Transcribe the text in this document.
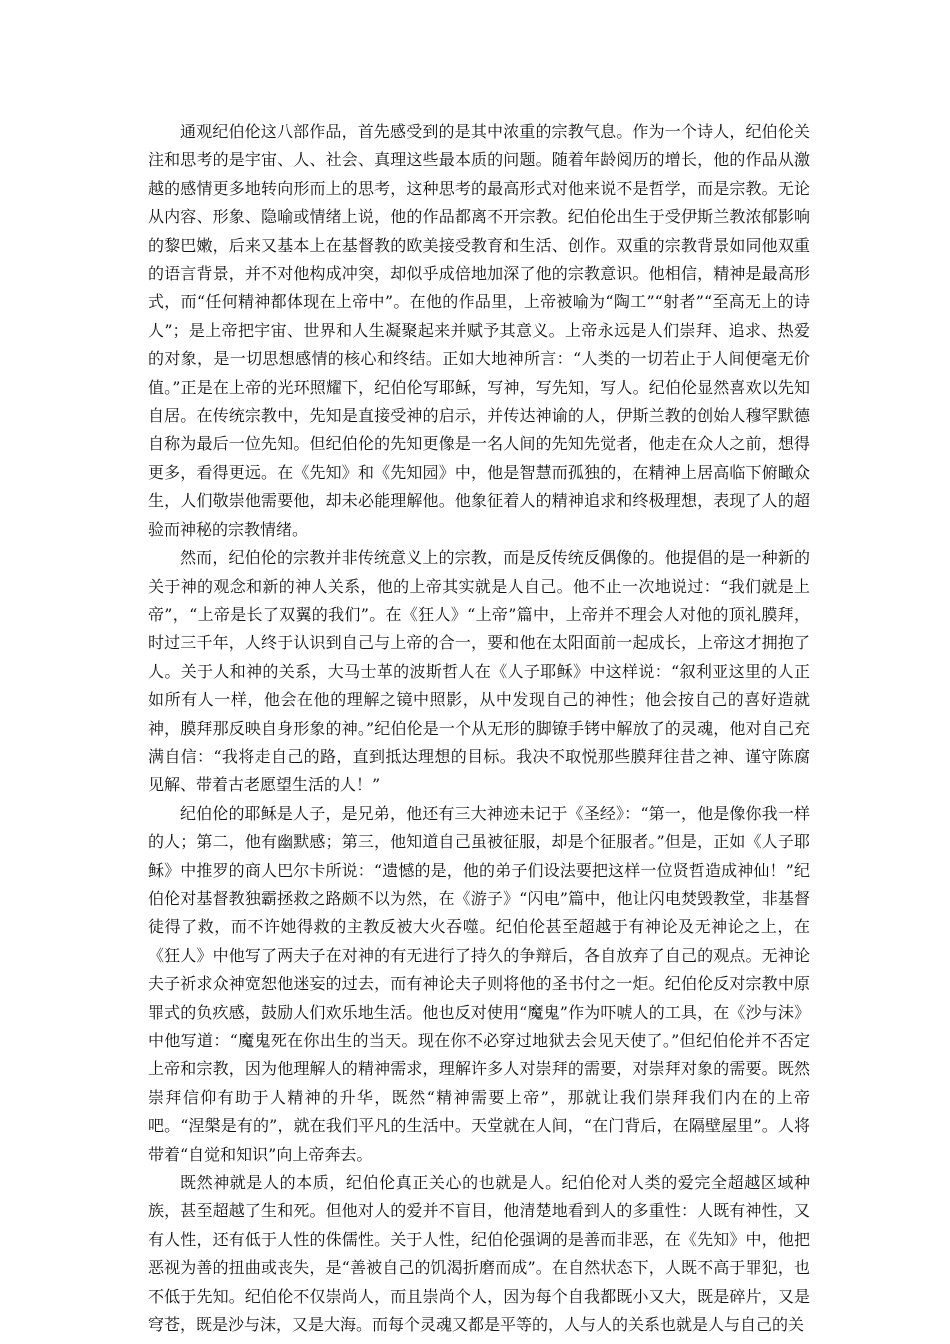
通观纪伯伦这八部作品，首先感受到的是其中浓重的宗教气息。作为一个诗人，纪伯伦关注和思考的是宇宙、人、社会、真理这些最本质的问题。随着年龄阅历的增长，他的作品从激越的感情更多地转向形而上的思考，这种思考的最高形式对他来说不是哲学，而是宗教。无论从内容、形象、隐喻或情绪上说，他的作品都离不开宗教。纪伯伦出生于受伊斯兰教浓郁影响的黎巴嫩，后来又基本上在基督教的欧美接受教育和生活、创作。双重的宗教背景如同他双重的语言背景，并不对他构成冲突，却似乎成倍地加深了他的宗教意识。他相信，精神是最高形式，而“任何精神都体现在上帝中”。在他的作品里，上帝被喻为“陶工”“射者”“至高无上的诗人”；是上帝把宇宙、世界和人生凝聚起来并赋予其意义。上帝永远是人们崇拜、追求、热爱的对象，是一切思想感情的核心和终结。正如大地神所言：“人类的一切若止于人间便毫无价值。”正是在上帝的光环照耀下，纪伯伦写耶稣，写神，写先知，写人。纪伯伦显然喜欢以先知自居。在传统宗教中，先知是直接受神的启示，并传达神谕的人，伊斯兰教的创始人穆罕默德自称为最后一位先知。但纪伯伦的先知更像是一名人间的先知先觉者，他走在众人之前，想得更多，看得更远。在《先知》和《先知园》中，他是智慧而孤独的，在精神上居高临下俯瞰众生，人们敬崇他需要他，却未必能理解他。他象征着人的精神追求和终极理想，表现了人的超验而神秘的宗教情绪。

然而，纪伯伦的宗教并非传统意义上的宗教，而是反传统反偶像的。他提倡的是一种新的关于神的观念和新的神人关系，他的上帝其实就是人自己。他不止一次地说过：“我们就是上帝”，“上帝是长了双翼的我们”。在《狂人》“上帝”篇中，上帝并不理会人对他的顶礼膜拜，时过三千年，人终于认识到自己与上帝的合一，要和他在太阳面前一起成长，上帝这才拥抱了人。关于人和神的关系，大马士革的波斯哲人在《人子耶稣》中这样说：“叙利亚这里的人正如所有人一样，他会在他的理解之镜中照影，从中发现自己的神性；他会按自己的喜好造就神，膜拜那反映自身形象的神。”纪伯伦是一个从无形的脚镣手铐中解放了的灵魂，他对自己充满自信：“我将走自己的路，直到抵达理想的目标。我决不取悦那些膜拜往昔之神、谨守陈腐见解、带着古老愿望生活的人！”

纪伯伦的耶稣是人子，是兄弟，他还有三大神迹未记于《圣经》：“第一，他是像你我一样的人；第二，他有幽默感；第三，他知道自己虽被征服，却是个征服者。”但是，正如《人子耶稣》中推罗的商人巴尔卡所说：“遗憾的是，他的弟子们设法要把这样一位贤哲造成神仙！”纪伯伦对基督教独霸拯救之路颇不以为然，在《游子》“闪电”篇中，他让闪电焚毁教堂，非基督徒得了救，而不许她得救的主教反被大火吞噬。纪伯伦甚至超越于有神论及无神论之上，在《狂人》中他写了两夫子在对神的有无进行了持久的争辩后，各自放弃了自己的观点。无神论夫子祈求众神宽恕他迷妄的过去，而有神论夫子则将他的圣书付之一炬。纪伯伦反对宗教中原罪式的负疚感，鼓励人们欢乐地生活。他也反对使用“魔鬼”作为吓唬人的工具，在《沙与沫》中他写道：“魔鬼死在你出生的当天。现在你不必穿过地狱去会见天使了。”但纪伯伦并不否定上帝和宗教，因为他理解人的精神需求，理解许多人对崇拜的需要，对崇拜对象的需要。既然崇拜信仰有助于人精神的升华，既然“精神需要上帝”，那就让我们崇拜我们内在的上帝吧。“涅槃是有的”，就在我们平凡的生活中。天堂就在人间，“在门背后，在隔壁屋里”。人将带着“自觉和知识”向上帝奔去。

既然神就是人的本质，纪伯伦真正关心的也就是人。纪伯伦对人类的爱完全超越区域种族，甚至超越了生和死。但他对人的爱并不盲目，他清楚地看到人的多重性：人既有神性，又有人性，还有低于人性的侏儒性。关于人性，纪伯伦强调的是善而非恶，在《先知》中，他把恶视为善的扭曲或丧失，是“善被自己的饥渴折磨而成”。在自然状态下，人既不高于罪犯，也不低于先知。纪伯伦不仅崇尚人，而且崇尚个人，因为每个自我都既小又大，既是碎片，又是穹苍，既是沙与沫，又是大海。而每个灵魂又都是平等的，人与人的关系也就是人与自己的关
